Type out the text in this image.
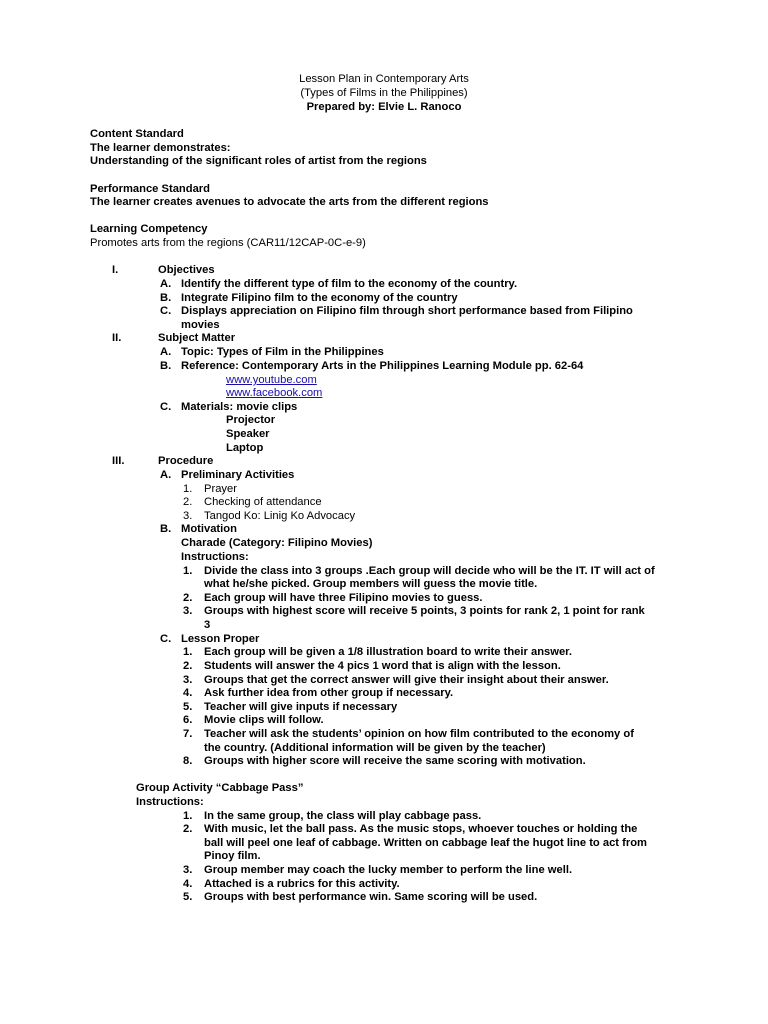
Lesson Plan in Contemporary Arts
(Types of Films in the Philippines)
Prepared by: Elvie L. Ranoco
Content Standard
The learner demonstrates:
Understanding of the significant roles of artist from the regions
Performance Standard
The learner creates avenues to advocate the arts from the different regions
Learning Competency
Promotes arts from the regions (CAR11/12CAP-0C-e-9)
I.	Objectives
A. Identify the different type of film to the economy of the country.
B. Integrate Filipino film to the economy of the country
C. Displays appreciation on Filipino film through short performance based from Filipino
movies
II.	Subject Matter
A. Topic: Types of Film in the Philippines
B. Reference: Contemporary Arts in the Philippines Learning Module pp. 62-64
www.youtube.com
www.facebook.com
C. Materials: movie clips
Projector
Speaker
Laptop
III.	Procedure
A. Preliminary Activities
1. Prayer
2. Checking of attendance
3. Tangod Ko: Linig Ko Advocacy
B. Motivation
Charade (Category: Filipino Movies)
Instructions:
1. Divide the class into 3 groups .Each group will decide who will be the IT. IT will act of
what he/she picked. Group members will guess the movie title.
2. Each group will have three Filipino movies to guess.
3. Groups with highest score will receive 5 points, 3 points for rank 2, 1 point for rank
3
C. Lesson Proper
1. Each group will be given a 1/8 illustration board to write their answer.
2. Students will answer the 4 pics 1 word that is align with the lesson.
3. Groups that get the correct answer will give their insight about their answer.
4. Ask further idea from other group if necessary.
5. Teacher will give inputs if necessary
6. Movie clips will follow.
7. Teacher will ask the students’ opinion on how film contributed to the economy of
the country. (Additional information will be given by the teacher)
8. Groups with higher score will receive the same scoring with motivation.
Group Activity “Cabbage Pass”
Instructions:
1. In the same group, the class will play cabbage pass.
2. With music, let the ball pass. As the music stops, whoever touches or holding the
ball will peel one leaf of cabbage. Written on cabbage leaf the hugot line to act from
Pinoy film.
3. Group member may coach the lucky member to perform the line well.
4. Attached is a rubrics for this activity.
5. Groups with best performance win. Same scoring will be used.
